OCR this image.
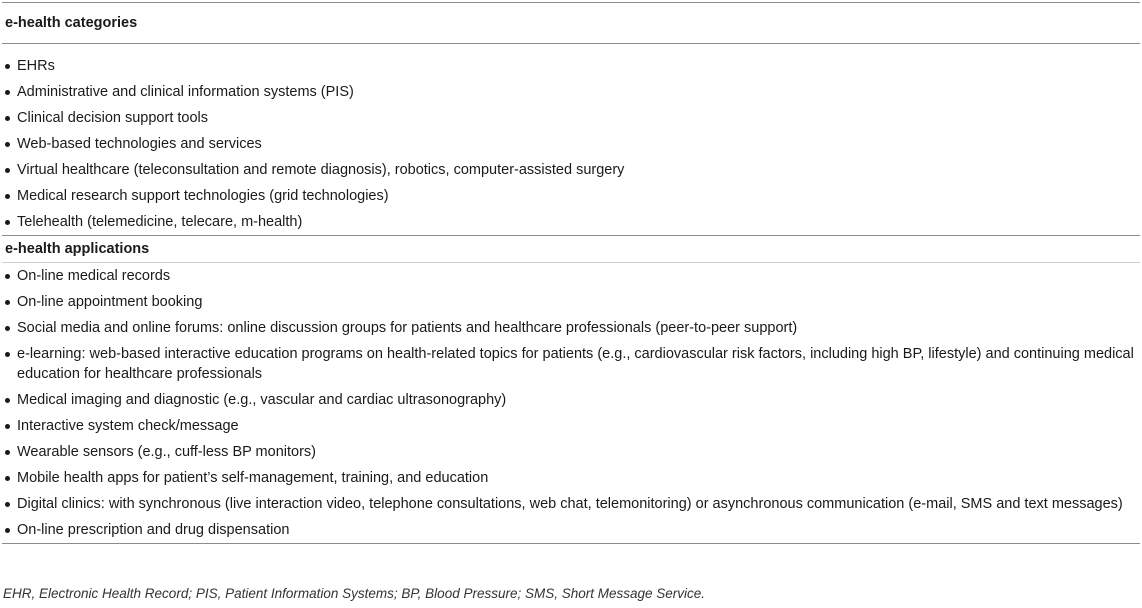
e-health categories
EHRs
Administrative and clinical information systems (PIS)
Clinical decision support tools
Web-based technologies and services
Virtual healthcare (teleconsultation and remote diagnosis), robotics, computer-assisted surgery
Medical research support technologies (grid technologies)
Telehealth (telemedicine, telecare, m-health)
e-health applications
On-line medical records
On-line appointment booking
Social media and online forums: online discussion groups for patients and healthcare professionals (peer-to-peer support)
e-learning: web-based interactive education programs on health-related topics for patients (e.g., cardiovascular risk factors, including high BP, lifestyle) and continuing medical education for healthcare professionals
Medical imaging and diagnostic (e.g., vascular and cardiac ultrasonography)
Interactive system check/message
Wearable sensors (e.g., cuff-less BP monitors)
Mobile health apps for patient’s self-management, training, and education
Digital clinics: with synchronous (live interaction video, telephone consultations, web chat, telemonitoring) or asynchronous communication (e-mail, SMS and text messages)
On-line prescription and drug dispensation
EHR, Electronic Health Record; PIS, Patient Information Systems; BP, Blood Pressure; SMS, Short Message Service.
